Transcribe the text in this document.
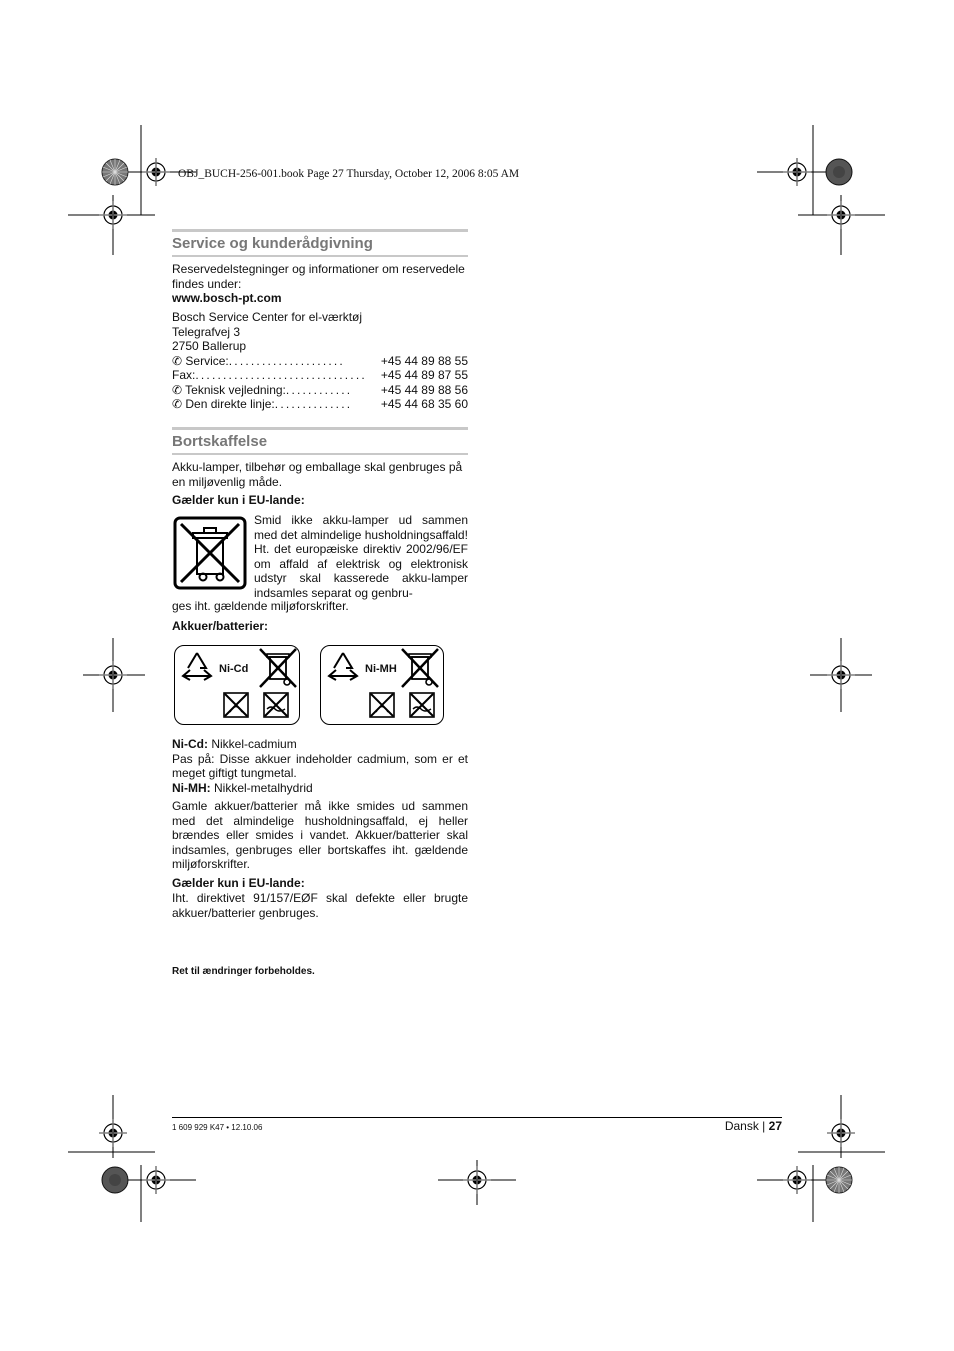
OBJ_BUCH-256-001.book Page 27 Thursday, October 12, 2006 8:05 AM
Service og kunderådgivning
Reservedelstegninger og informationer om reservedele findes under:
www.bosch-pt.com
Bosch Service Center for el-værktøj
Telegrafvej 3
2750 Ballerup
✆ Service: .....................	+45 44 89 88 55
Fax: ...............................	+45 44 89 87 55
✆ Teknisk vejledning: ............	+45 44 89 88 56
✆ Den direkte linje: ..............	+45 44 68 35 60
Bortskaffelse
Akku-lamper, tilbehør og emballage skal genbruges på en miljøvenlig måde.
Gælder kun i EU-lande:
Smid ikke akku-lamper ud sammen med det almindelige husholdningsaffald!
Ht. det europæiske direktiv 2002/96/EF om affald af elektrisk og elektronisk udstyr skal kasserede akku-lamper indsamles separat og genbru-
ges iht. gældende miljøforskrifter.
Akkuer/batterier:
Ni-Cd	Ni-MH
Ni-Cd: Nikkel-cadmium
Pas på: Disse akkuer indeholder cadmium, som er et meget giftigt tungmetal.
Ni-MH: Nikkel-metalhydrid
Gamle akkuer/batterier må ikke smides ud sammen med det almindelige husholdningsaffald, ej heller brændes eller smides i vandet. Akkuer/batterier skal indsamles, genbruges eller bortskaffes iht. gældende miljøforskrifter.
Gælder kun i EU-lande:
Iht. direktivet 91/157/EØF skal defekte eller brugte akkuer/batterier genbruges.
Ret til ændringer forbeholdes.
1 609 929 K47 • 12.10.06	Dansk | 27
